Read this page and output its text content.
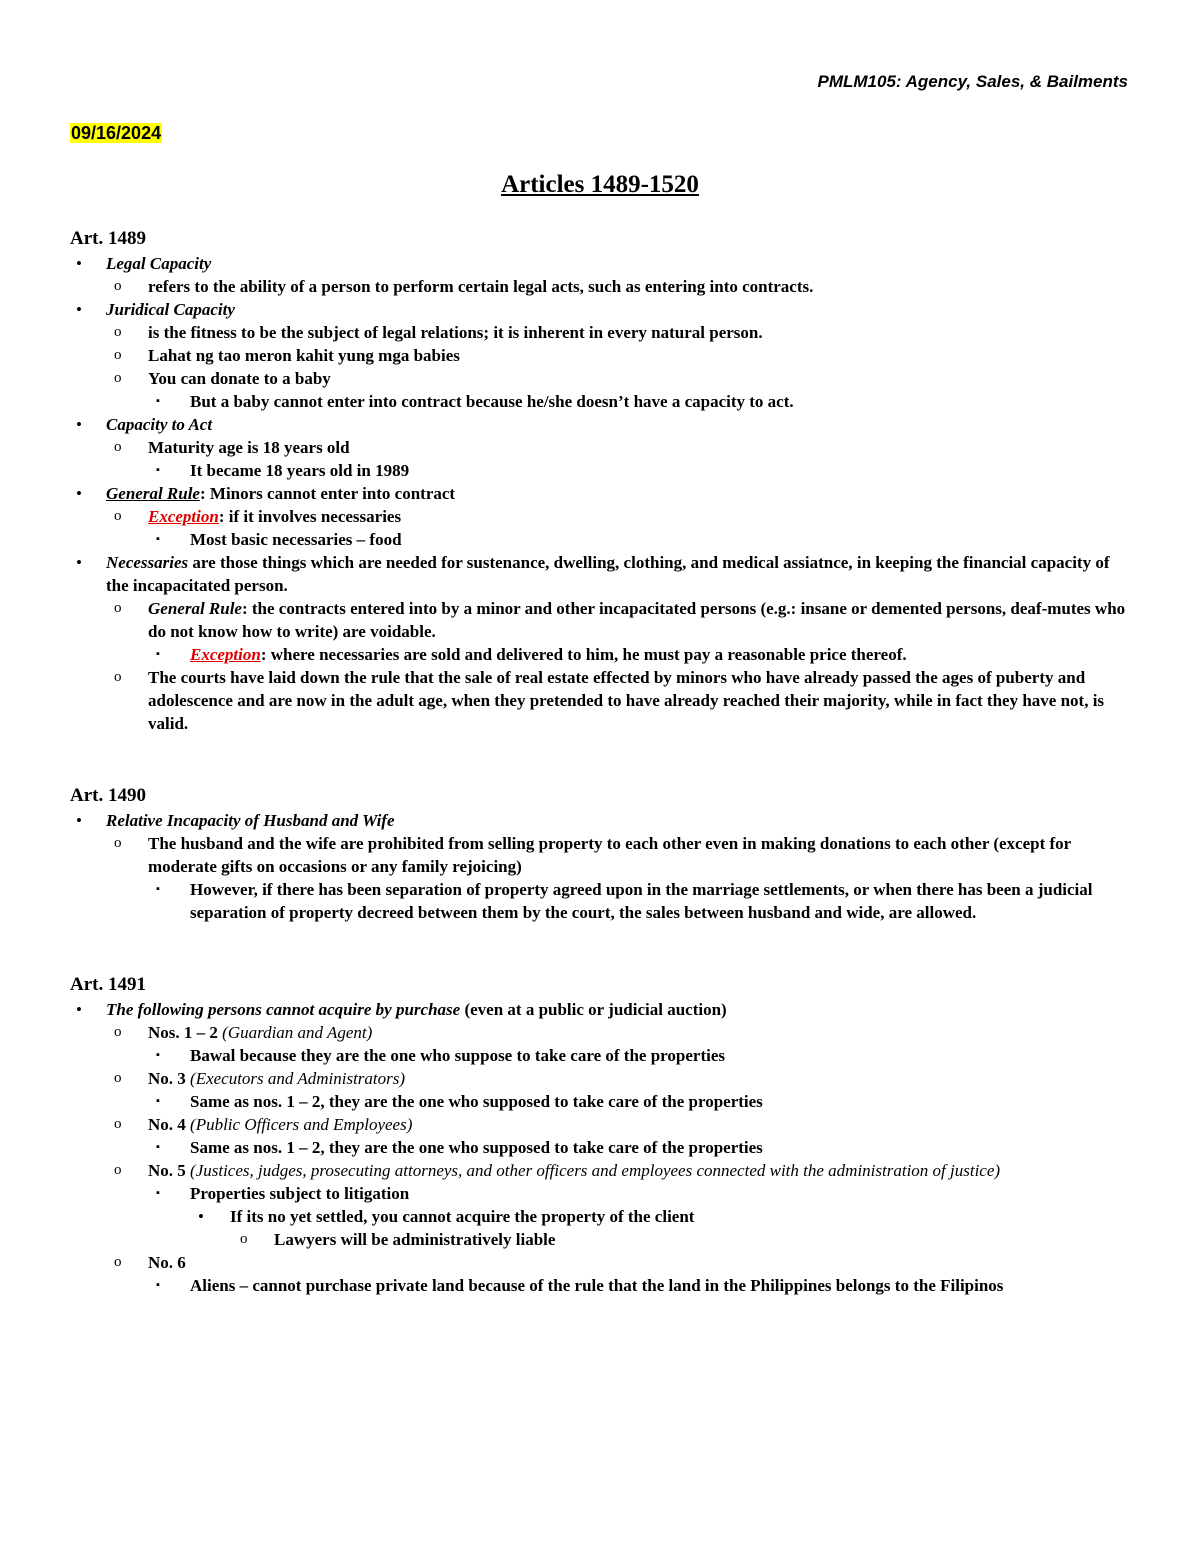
PMLM105: Agency, Sales, & Bailments
09/16/2024
Articles 1489-1520
Art. 1489
• Legal Capacity
o refers to the ability of a person to perform certain legal acts, such as entering into contracts.
• Juridical Capacity
o is the fitness to be the subject of legal relations; it is inherent in every natural person.
o Lahat ng tao meron kahit yung mga babies
o You can donate to a baby
▪ But a baby cannot enter into contract because he/she doesn’t have a capacity to act.
• Capacity to Act
o Maturity age is 18 years old
▪ It became 18 years old in 1989
• General Rule: Minors cannot enter into contract
o Exception: if it involves necessaries
▪ Most basic necessaries – food
• Necessaries are those things which are needed for sustenance, dwelling, clothing, and medical assiatnce, in keeping the financial capacity of the incapacitated person.
o General Rule: the contracts entered into by a minor and other incapacitated persons (e.g.: insane or demented persons, deaf-mutes who do not know how to write) are voidable.
▪ Exception: where necessaries are sold and delivered to him, he must pay a reasonable price thereof.
o The courts have laid down the rule that the sale of real estate effected by minors who have already passed the ages of puberty and adolescence and are now in the adult age, when they pretended to have already reached their majority, while in fact they have not, is valid.
Art. 1490
• Relative Incapacity of Husband and Wife
o The husband and the wife are prohibited from selling property to each other even in making donations to each other (except for moderate gifts on occasions or any family rejoicing)
▪ However, if there has been separation of property agreed upon in the marriage settlements, or when there has been a judicial separation of property decreed between them by the court, the sales between husband and wide, are allowed.
Art. 1491
• The following persons cannot acquire by purchase (even at a public or judicial auction)
o Nos. 1 – 2 (Guardian and Agent)
▪ Bawal because they are the one who suppose to take care of the properties
o No. 3 (Executors and Administrators)
▪ Same as nos. 1 – 2, they are the one who supposed to take care of the properties
o No. 4 (Public Officers and Employees)
▪ Same as nos. 1 – 2, they are the one who supposed to take care of the properties
o No. 5 (Justices, judges, prosecuting attorneys, and other officers and employees connected with the administration of justice)
▪ Properties subject to litigation
• If its no yet settled, you cannot acquire the property of the client
o Lawyers will be administratively liable
o No. 6
▪ Aliens – cannot purchase private land because of the rule that the land in the Philippines belongs to the Filipinos
